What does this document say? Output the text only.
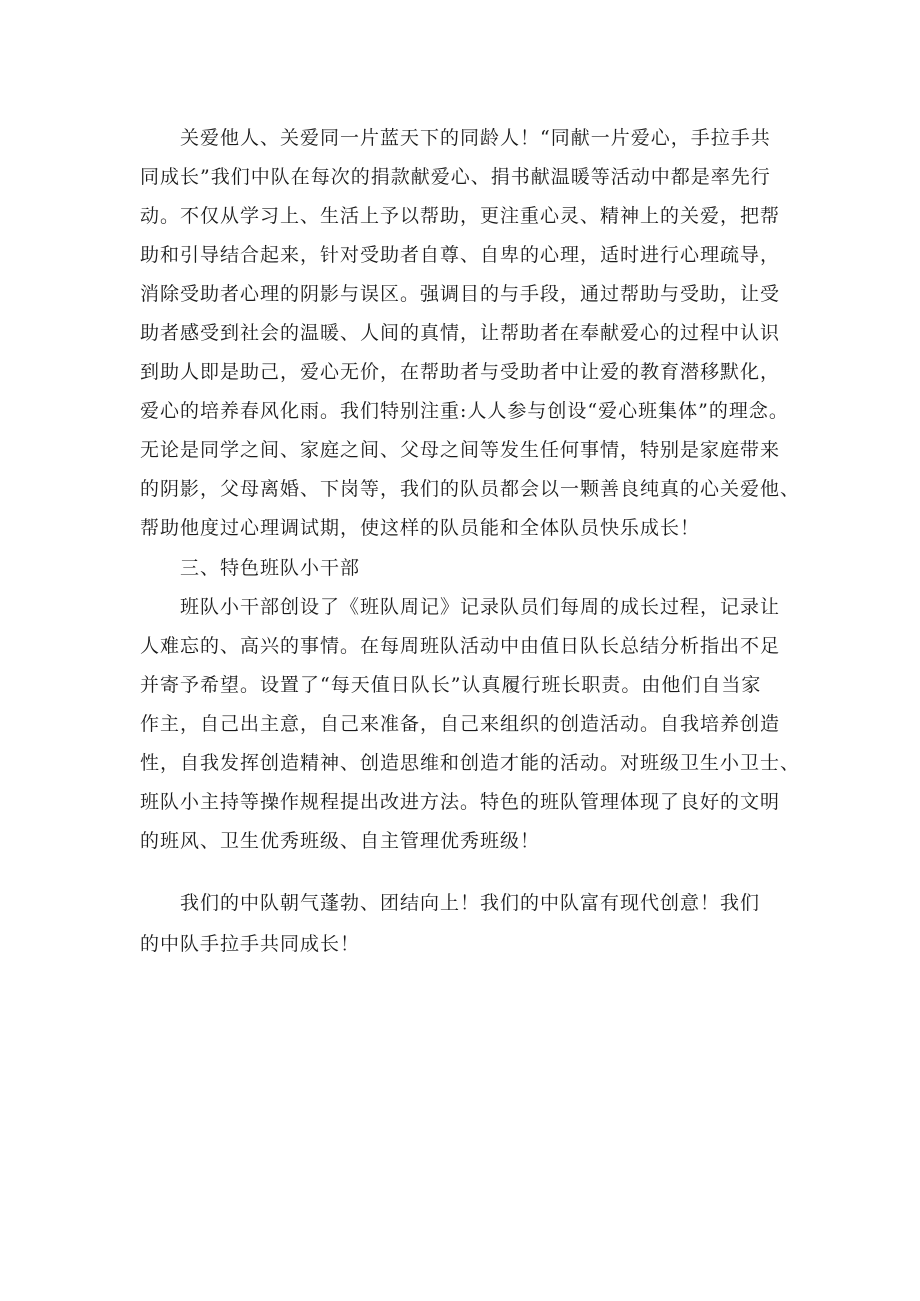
关爱他人、关爱同一片蓝天下的同龄人！“同献一片爱心，手拉手共
同成长”我们中队在每次的捐款献爱心、捐书献温暖等活动中都是率先行
动。不仅从学习上、生活上予以帮助，更注重心灵、精神上的关爱，把帮
助和引导结合起来，针对受助者自尊、自卑的心理，适时进行心理疏导，
消除受助者心理的阴影与误区。强调目的与手段，通过帮助与受助，让受
助者感受到社会的温暖、人间的真情，让帮助者在奉献爱心的过程中认识
到助人即是助己，爱心无价，在帮助者与受助者中让爱的教育潜移默化，
爱心的培养春风化雨。我们特别注重:人人参与创设“爱心班集体”的理念。
无论是同学之间、家庭之间、父母之间等发生任何事情，特别是家庭带来
的阴影，父母离婚、下岗等，我们的队员都会以一颗善良纯真的心关爱他、
帮助他度过心理调试期，使这样的队员能和全体队员快乐成长！
三、特色班队小干部
班队小干部创设了《班队周记》记录队员们每周的成长过程，记录让
人难忘的、高兴的事情。在每周班队活动中由值日队长总结分析指出不足
并寄予希望。设置了“每天值日队长”认真履行班长职责。由他们自当家
作主，自己出主意，自己来准备，自己来组织的创造活动。自我培养创造
性，自我发挥创造精神、创造思维和创造才能的活动。对班级卫生小卫士、
班队小主持等操作规程提出改进方法。特色的班队管理体现了良好的文明
的班风、卫生优秀班级、自主管理优秀班级！
我们的中队朝气蓬勃、团结向上！我们的中队富有现代创意！我们
的中队手拉手共同成长！
